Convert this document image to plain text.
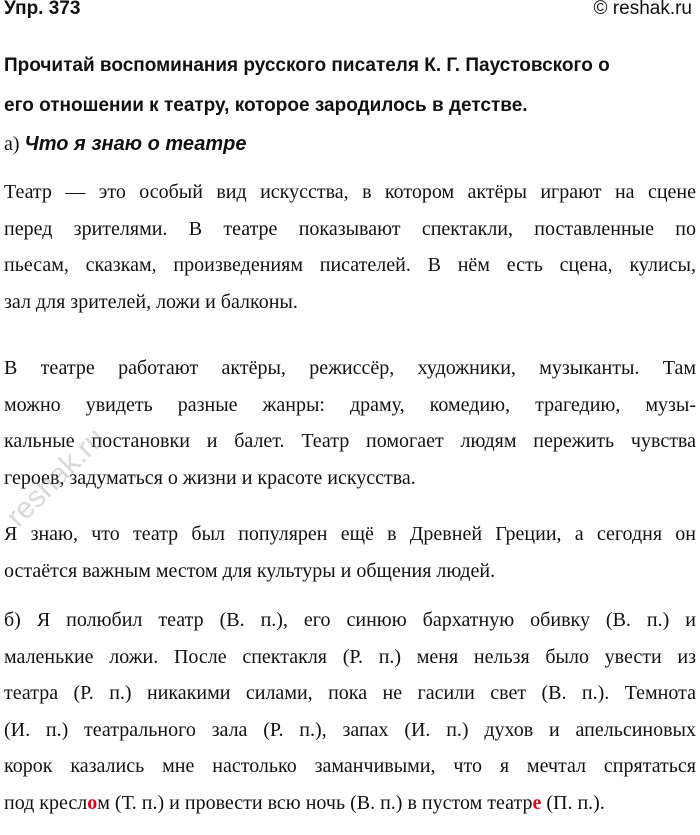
Упр. 373	© reshak.ru
Прочитай воспоминания русского писателя К. Г. Паустовского о
его отношении к театру, которое зародилось в детстве.
а) Что я знаю о театре
Театр — это особый вид искусства, в котором актёры играют на сцене
перед зрителями. В театре показывают спектакли, поставленные по
пьесам, сказкам, произведениям писателей. В нём есть сцена, кулисы,
зал для зрителей, ложи и балконы.
В театре работают актёры, режиссёр, художники, музыканты. Там
можно увидеть разные жанры: драму, комедию, трагедию, музы-
кальные постановки и балет. Театр помогает людям пережить чувства
героев, задуматься о жизни и красоте искусства.
Я знаю, что театр был популярен ещё в Древней Греции, а сегодня он
остаётся важным местом для культуры и общения людей.
б) Я полюбил театр (В. п.), его синюю бархатную обивку (В. п.) и
маленькие ложи. После спектакля (Р. п.) меня нельзя было увести из
театра (Р. п.) никакими силами, пока не гасили свет (В. п.). Темнота
(И. п.) театрального зала (Р. п.), запах (И. п.) духов и апельсиновых
корок казались мне настолько заманчивыми, что я мечтал спрятаться
под креслом (Т. п.) и провести всю ночь (В. п.) в пустом театре (П. п.).
reshak.ru
